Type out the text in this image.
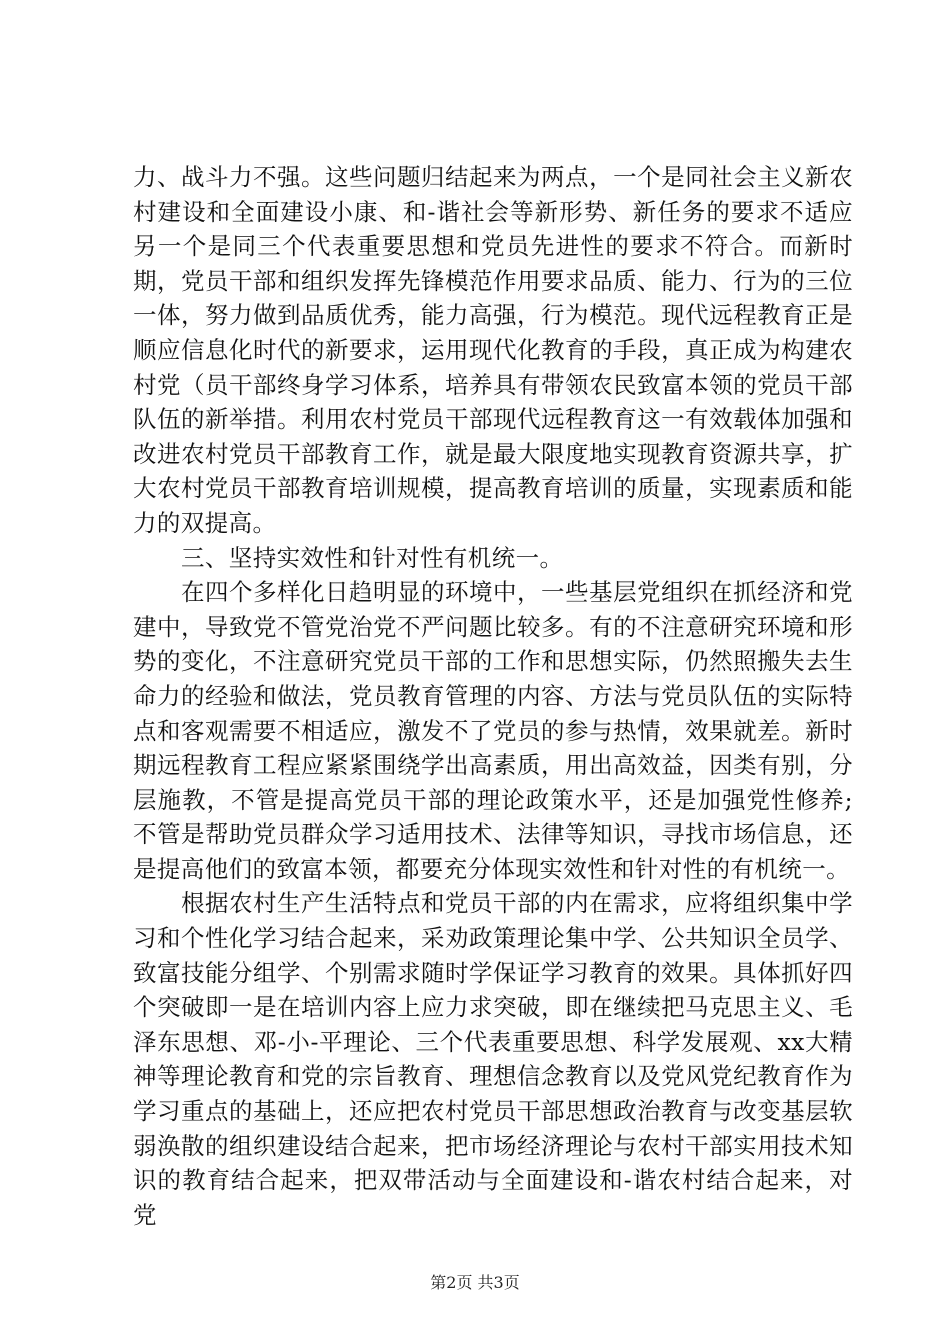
力、战斗力不强。这些问题归结起来为两点，一个是同社会主义新农村建设和全面建设小康、和-谐社会等新形势、新任务的要求不适应另一个是同三个代表重要思想和党员先进性的要求不符合。而新时期，党员干部和组织发挥先锋模范作用要求品质、能力、行为的三位一体，努力做到品质优秀，能力高强，行为模范。现代远程教育正是顺应信息化时代的新要求，运用现代化教育的手段，真正成为构建农村党（员干部终身学习体系，培养具有带领农民致富本领的党员干部队伍的新举措。利用农村党员干部现代远程教育这一有效载体加强和改进农村党员干部教育工作，就是最大限度地实现教育资源共享，扩大农村党员干部教育培训规模，提高教育培训的质量，实现素质和能力的双提高。

三、坚持实效性和针对性有机统一。

在四个多样化日趋明显的环境中，一些基层党组织在抓经济和党建中，导致党不管党治党不严问题比较多。有的不注意研究环境和形势的变化，不注意研究党员干部的工作和思想实际，仍然照搬失去生命力的经验和做法，党员教育管理的内容、方法与党员队伍的实际特点和客观需要不相适应，激发不了党员的参与热情，效果就差。新时期远程教育工程应紧紧围绕学出高素质，用出高效益，因类有别，分层施教，不管是提高党员干部的理论政策水平，还是加强党性修养;不管是帮助党员群众学习适用技术、法律等知识，寻找市场信息，还是提高他们的致富本领，都要充分体现实效性和针对性的有机统一。

根据农村生产生活特点和党员干部的内在需求，应将组织集中学习和个性化学习结合起来，采劝政策理论集中学、公共知识全员学、致富技能分组学、个别需求随时学保证学习教育的效果。具体抓好四个突破即一是在培训内容上应力求突破，即在继续把马克思主义、毛泽东思想、邓-小-平理论、三个代表重要思想、科学发展观、xx大精神等理论教育和党的宗旨教育、理想信念教育以及党风党纪教育作为学习重点的基础上，还应把农村党员干部思想政治教育与改变基层软弱涣散的组织建设结合起来，把市场经济理论与农村干部实用技术知识的教育结合起来，把双带活动与全面建设和-谐农村结合起来，对党

第2页 共3页
